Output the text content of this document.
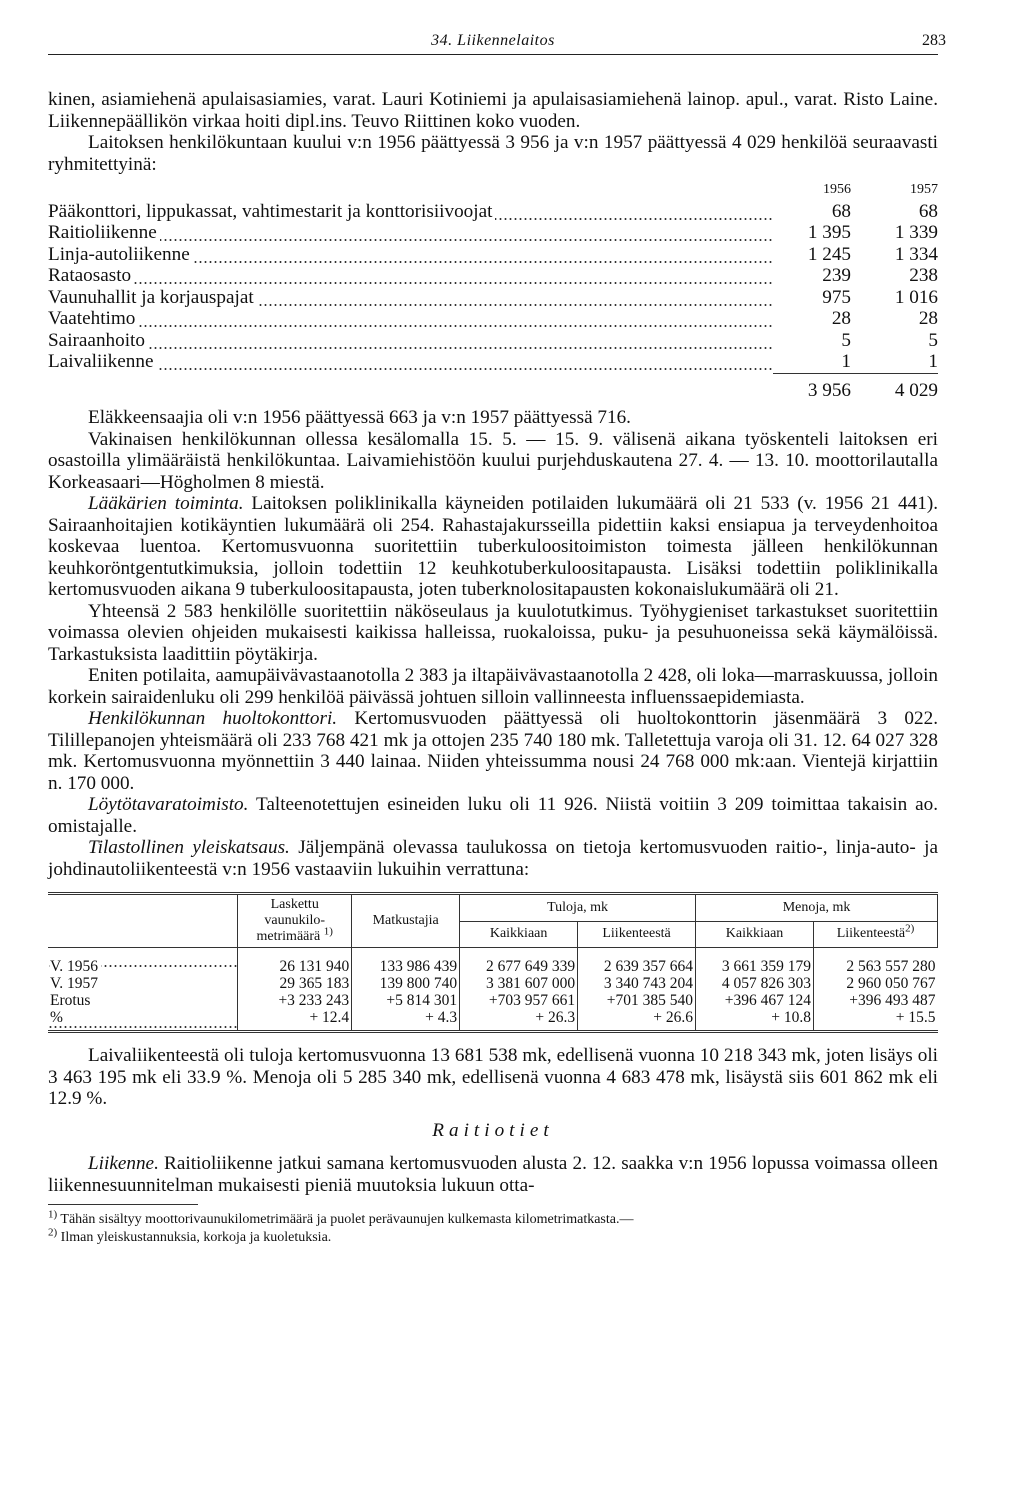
34. Liikennelaitos	283

kinen, asiamiehenä apulaisasiamies, varat. Lauri Kotiniemi ja apulaisasiamiehenä lainop. apul., varat. Risto Laine. Liikennepäällikön virkaa hoiti dipl.ins. Teuvo Riittinen koko vuoden.

Laitoksen henkilökuntaan kuului v:n 1956 päättyessä 3 956 ja v:n 1957 päättyessä 4 029 henkilöä seuraavasti ryhmitettyinä:

	1956	1957
Pääkonttori, lippukassat, vahtimestarit ja konttorisiivoojat	68	68
Raitioliikenne	1 395	1 339
Linja-autoliikenne	1 245	1 334
Rataosasto	239	238
Vaunuhallit ja korjauspajat	975	1 016
Vaatehtimo	28	28
Sairaanhoito	5	5
Laivaliikenne	1	1
	3 956	4 029

Eläkkeensaajia oli v:n 1956 päättyessä 663 ja v:n 1957 päättyessä 716.

Vakinaisen henkilökunnan ollessa kesälomalla 15. 5. — 15. 9. välisenä aikana työskenteli laitoksen eri osastoilla ylimääräistä henkilökuntaa. Laivamiehistöön kuului purjehduskautena 27. 4. — 13. 10. moottorilautalla Korkeasaari—Högholmen 8 miestä.

Lääkärien toiminta. Laitoksen poliklinikalla käyneiden potilaiden lukumäärä oli 21 533 (v. 1956 21 441). Sairaanhoitajien kotikäyntien lukumäärä oli 254. Rahastajakursseilla pidettiin kaksi ensiapua ja terveydenhoitoa koskevaa luentoa. Kertomusvuonna suoritettiin tuberkuloositoimiston toimesta jälleen henkilökunnan keuhkoröntgentutkimuksia, jolloin todettiin 12 keuhkotuberkuloositapausta. Lisäksi todettiin poliklinikalla kertomusvuoden aikana 9 tuberkuloositapausta, joten tuberknolositapausten kokonaislukumäärä oli 21.

Yhteensä 2 583 henkilölle suoritettiin näköseulaus ja kuulotutkimus. Työhygieniset tarkastukset suoritettiin voimassa olevien ohjeiden mukaisesti kaikissa halleissa, ruokaloissa, puku- ja pesuhuoneissa sekä käymälöissä. Tarkastuksista laadittiin pöytäkirja.

Eniten potilaita, aamupäivävastaanotolla 2 383 ja iltapäivävastaanotolla 2 428, oli loka—marraskuussa, jolloin korkein sairaidenluku oli 299 henkilöä päivässä johtuen silloin vallinneesta influenssaepidemiasta.

Henkilökunnan huoltokonttori. Kertomusvuoden päättyessä oli huoltokonttorin jäsenmäärä 3 022. Tilillepanojen yhteismäärä oli 233 768 421 mk ja ottojen 235 740 180 mk. Talletettuja varoja oli 31. 12. 64 027 328 mk. Kertomusvuonna myönnettiin 3 440 lainaa. Niiden yhteissumma nousi 24 768 000 mk:aan. Vientejä kirjattiin n. 170 000.

Löytötavaratoimisto. Talteenotettujen esineiden luku oli 11 926. Niistä voitiin 3 209 toimittaa takaisin ao. omistajalle.

Tilastollinen yleiskatsaus. Jäljempänä olevassa taulukossa on tietoja kertomusvuoden raitio-, linja-auto- ja johdinautoliikenteestä v:n 1956 vastaaviin lukuihin verrattuna:

	Laskettu
vaunukilo-
metrimäärä $^{1)}$	Matkustajia	Tuloja, mk		Menoja, mk	
			Kaikkiaan	Liikenteestä	Kaikkiaan	Liikenteestä$^{2)}$
V. 1956	26 131 940	133 986 439	2 677 649 339	2 639 357 664	3 661 359 179	2 563 557 280
V. 1957	29 365 183	139 800 740	3 381 607 000	3 340 743 204	4 057 826 303	2 960 050 767
Erotus	+3 233 243	+5 814 301	+703 957 661	+701 385 540	+396 467 124	+396 493 487
%	+ 12.4	+ 4.3	+ 26.3	+ 26.6	+ 10.8	+ 15.5

Laivaliikenteestä oli tuloja kertomusvuonna 13 681 538 mk, edellisenä vuonna 10 218 343 mk, joten lisäys oli 3 463 195 mk eli 33.9 %. Menoja oli 5 285 340 mk, edellisenä vuonna 4 683 478 mk, lisäystä siis 601 862 mk eli 12.9 %.

Raitiotiet

Liikenne. Raitioliikenne jatkui samana kertomusvuoden alusta 2. 12. saakka v:n 1956 lopussa voimassa olleen liikennesuunnitelman mukaisesti pieniä muutoksia lukuun otta-

$^{1)}$ Tähän sisältyy moottorivaunukilometrimäärä ja puolet perävaunujen kulkemasta kilometrimatkasta.—
$^{2)}$ Ilman yleiskustannuksia, korkoja ja kuoletuksia.
